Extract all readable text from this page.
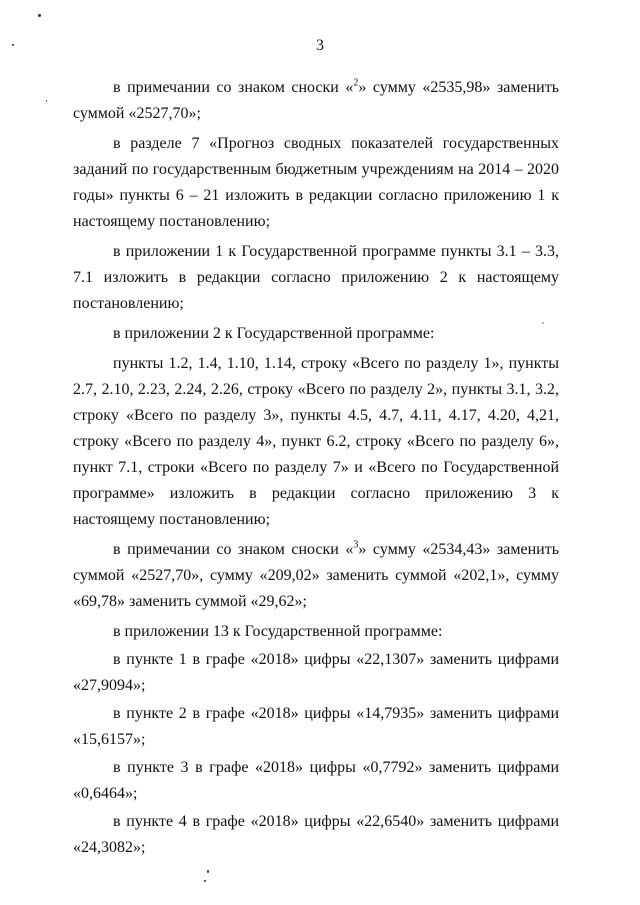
3

в примечании со знаком сноски «$^2$» сумму «2535,98» заменить суммой «2527,70»;

в разделе 7 «Прогноз сводных показателей государственных заданий по государственным бюджетным учреждениям на 2014 – 2020 годы» пункты 6 – 21 изложить в редакции согласно приложению 1 к настоящему постановлению;

в приложении 1 к Государственной программе пункты 3.1 – 3.3, 7.1 изложить в редакции согласно приложению 2 к настоящему постановлению;

в приложении 2 к Государственной программе:

пункты 1.2, 1.4, 1.10, 1.14, строку «Всего по разделу 1», пункты 2.7, 2.10, 2.23, 2.24, 2.26, строку «Всего по разделу 2», пункты 3.1, 3.2, строку «Всего по разделу 3», пункты 4.5, 4.7, 4.11, 4.17, 4.20, 4,21, строку «Всего по разделу 4», пункт 6.2, строку «Всего по разделу 6», пункт 7.1, строки «Всего по разделу 7» и «Всего по Государственной программе» изложить в редакции согласно приложению 3 к настоящему постановлению;

в примечании со знаком сноски «$^3$» сумму «2534,43» заменить суммой «2527,70», сумму «209,02» заменить суммой «202,1», сумму «69,78» заменить суммой «29,62»;

в приложении 13 к Государственной программе:

в пункте 1 в графе «2018» цифры «22,1307» заменить цифрами «27,9094»;

в пункте 2 в графе «2018» цифры «14,7935» заменить цифрами «15,6157»;

в пункте 3 в графе «2018» цифры «0,7792» заменить цифрами «0,6464»;

в пункте 4 в графе «2018» цифры «22,6540» заменить цифрами «24,3082»;
